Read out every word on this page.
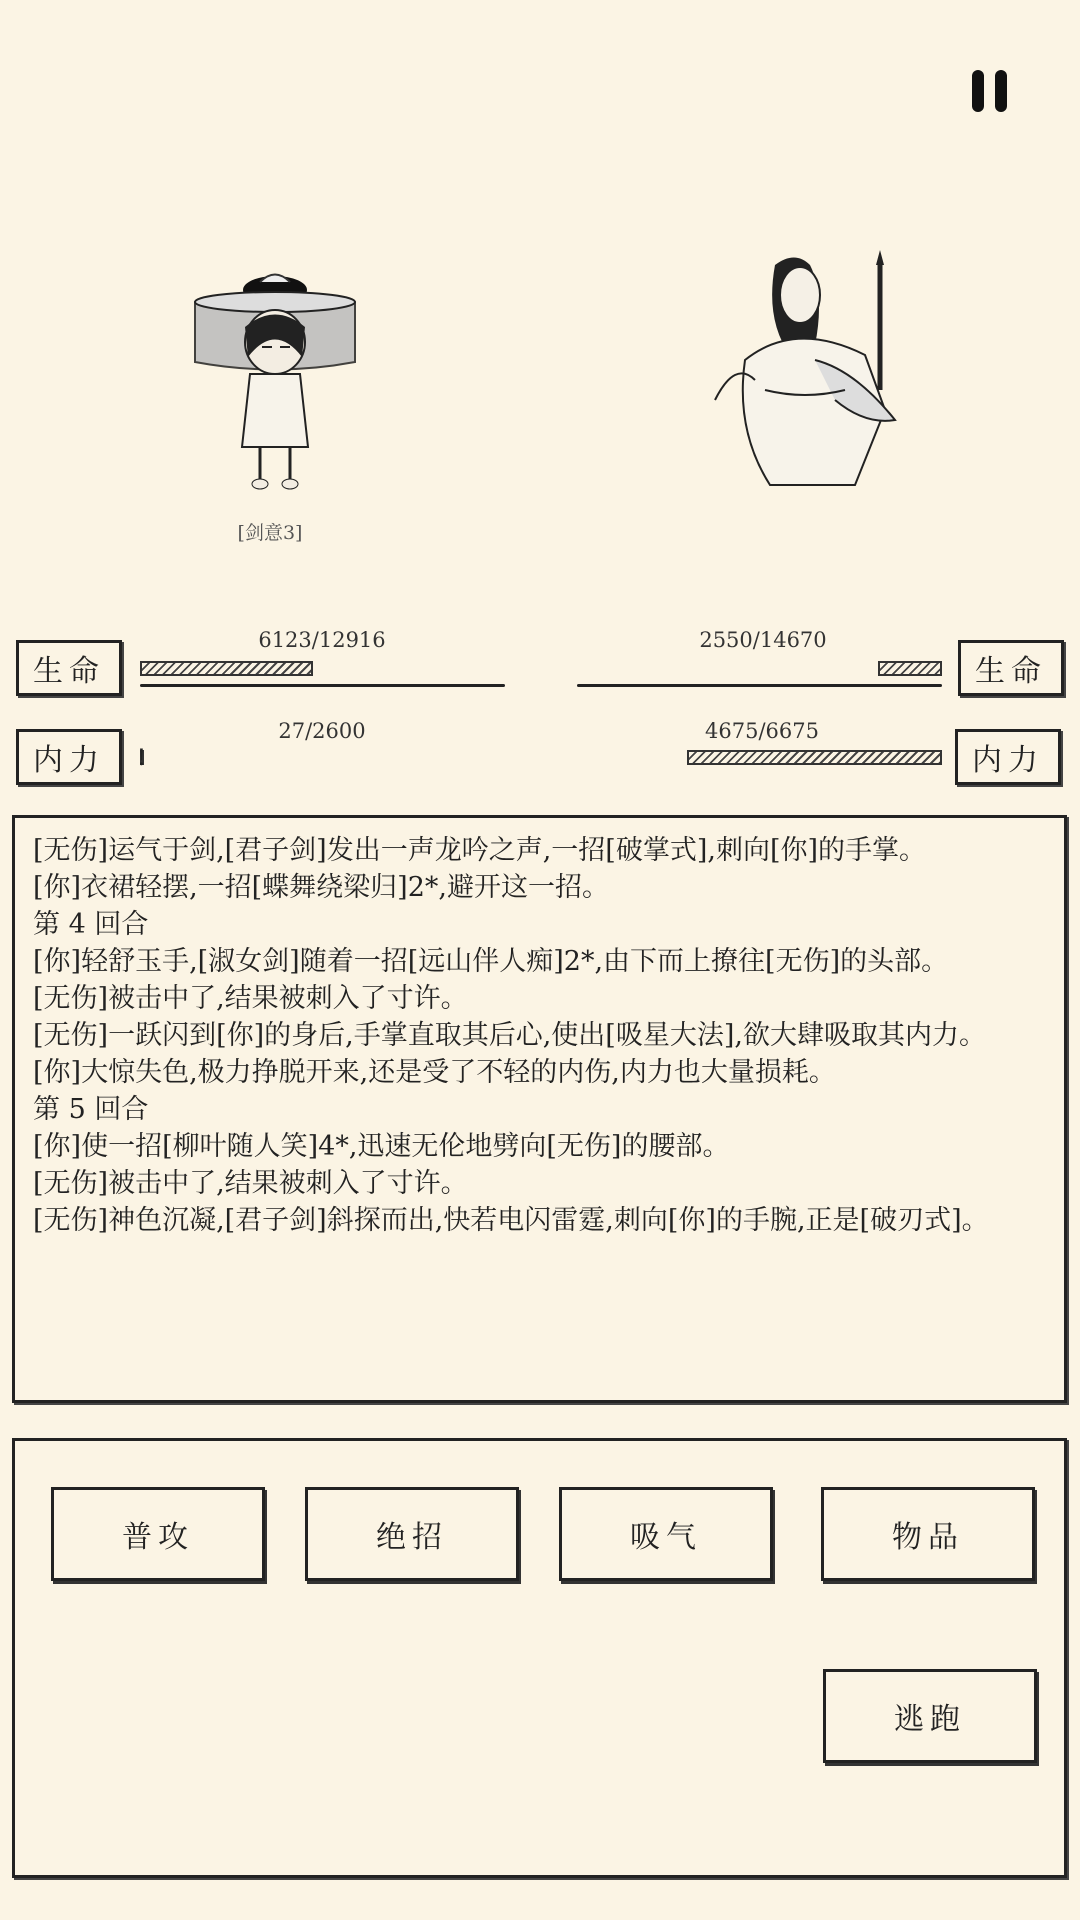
[剑意3]
生命
6123/12916
生命
2550/14670
内力
27/2600
!	内力
4675/6675

[无伤]运气于剑,[君子剑]发出一声龙吟之声,一招[破掌式],刺向[你]的手掌。

[你]衣裙轻摆,一招[蝶舞绕梁归]2*,避开这一招。

第 4 回合

[你]轻舒玉手,[淑女剑]随着一招[远山伴人痴]2*,由下而上撩往[无伤]的头部。

[无伤]被击中了,结果被刺入了寸许。

[无伤]一跃闪到[你]的身后,手掌直取其后心,使出[吸星大法],欲大肆吸取其内力。

[你]大惊失色,极力挣脱开来,还是受了不轻的内伤,内力也大量损耗。

第 5 回合

[你]使一招[柳叶随人笑]4*,迅速无伦地劈向[无伤]的腰部。

[无伤]被击中了,结果被刺入了寸许。

[无伤]神色沉凝,[君子剑]斜探而出,快若电闪雷霆,刺向[你]的手腕,正是[破刃式]。

普攻	绝招	吸气	物品
逃跑
